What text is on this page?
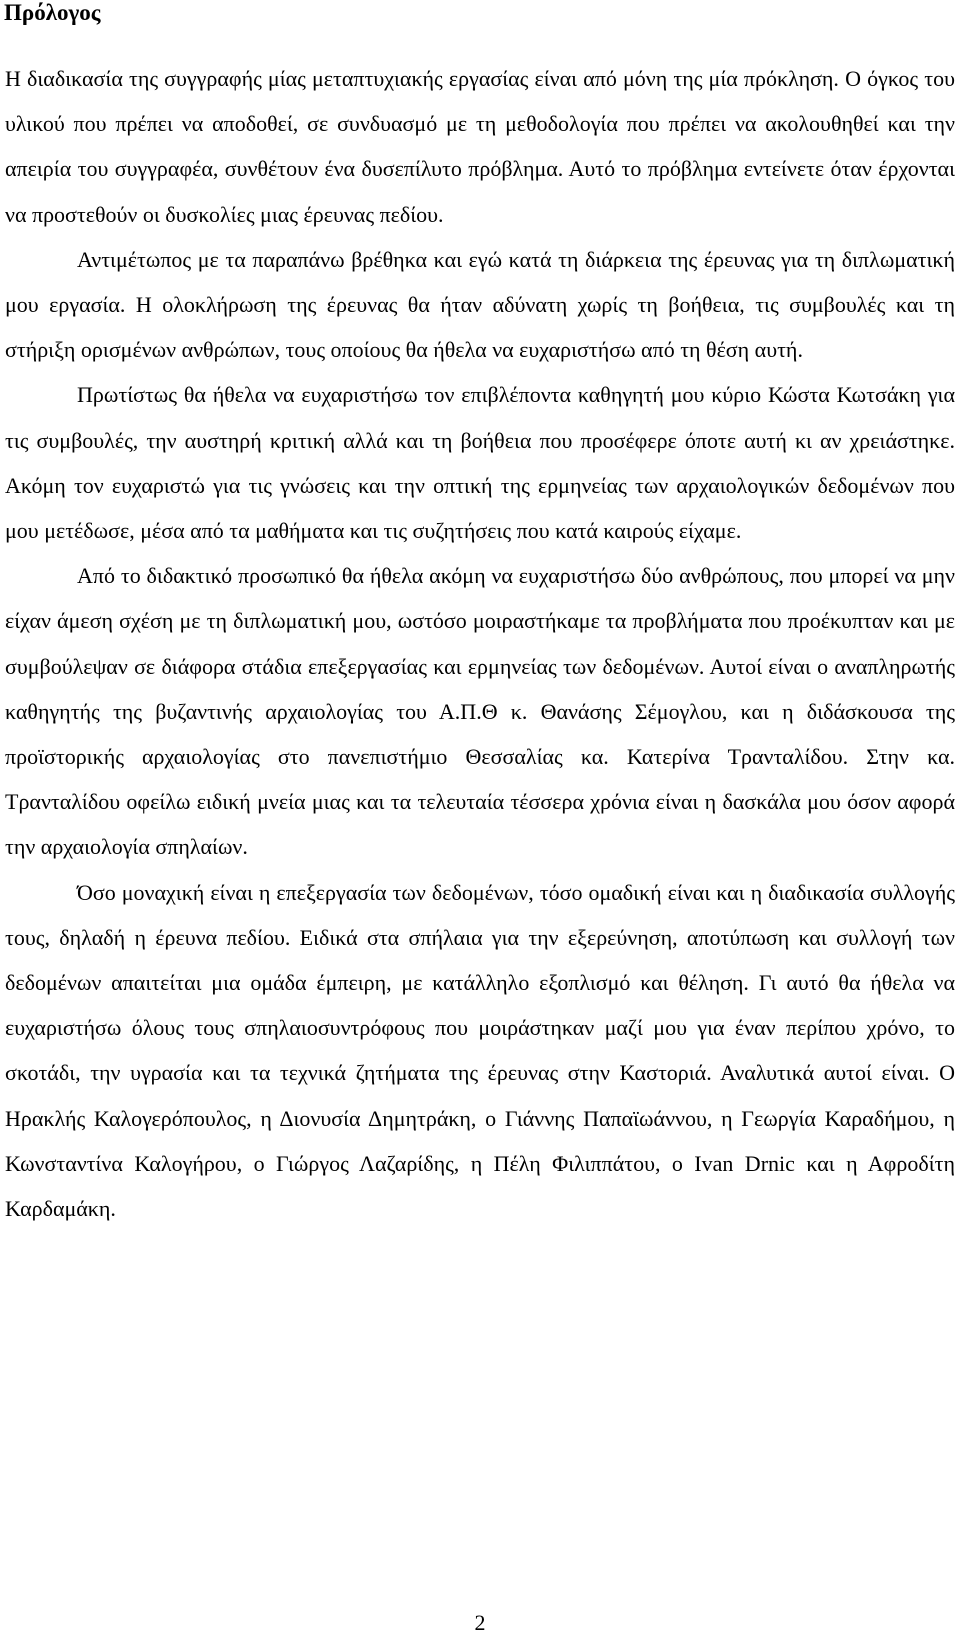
Πρόλογος

Η διαδικασία της συγγραφής μίας μεταπτυχιακής εργασίας είναι από μόνη της μία πρόκληση. Ο όγκος του υλικού που πρέπει να αποδοθεί, σε συνδυασμό με τη μεθοδολογία που πρέπει να ακολουθηθεί και την απειρία του συγγραφέα, συνθέτουν ένα δυσεπίλυτο πρόβλημα. Αυτό το πρόβλημα εντείνετε όταν έρχονται να προστεθούν οι δυσκολίες μιας έρευνας πεδίου.

Αντιμέτωπος με τα παραπάνω βρέθηκα και εγώ κατά τη διάρκεια της έρευνας για τη διπλωματική μου εργασία. Η ολοκλήρωση της έρευνας θα ήταν αδύνατη χωρίς τη βοήθεια, τις συμβουλές και τη στήριξη ορισμένων ανθρώπων, τους οποίους θα ήθελα να ευχαριστήσω από τη θέση αυτή.

Πρωτίστως θα ήθελα να ευχαριστήσω τον επιβλέποντα καθηγητή μου κύριο Κώστα Κωτσάκη για τις συμβουλές, την αυστηρή κριτική αλλά και τη βοήθεια που προσέφερε όποτε αυτή κι αν χρειάστηκε. Ακόμη τον ευχαριστώ για τις γνώσεις και την οπτική της ερμηνείας των αρχαιολογικών δεδομένων που μου μετέδωσε, μέσα από τα μαθήματα και τις συζητήσεις που κατά καιρούς είχαμε.

Από το διδακτικό προσωπικό θα ήθελα ακόμη να ευχαριστήσω δύο ανθρώπους, που μπορεί να μην είχαν άμεση σχέση με τη διπλωματική μου, ωστόσο μοιραστήκαμε τα προβλήματα που προέκυπταν και με συμβούλεψαν σε διάφορα στάδια επεξεργασίας και ερμηνείας των δεδομένων. Αυτοί είναι ο αναπληρωτής καθηγητής της βυζαντινής αρχαιολογίας του Α.Π.Θ κ. Θανάσης Σέμογλου, και η διδάσκουσα της προϊστορικής αρχαιολογίας στο πανεπιστήμιο Θεσσαλίας κα. Κατερίνα Τρανταλίδου. Στην κα. Τρανταλίδου οφείλω ειδική μνεία μιας και τα τελευταία τέσσερα χρόνια είναι η δασκάλα μου όσον αφορά την αρχαιολογία σπηλαίων.

Όσο μοναχική είναι η επεξεργασία των δεδομένων, τόσο ομαδική είναι και η διαδικασία συλλογής τους, δηλαδή η έρευνα πεδίου. Ειδικά στα σπήλαια για την εξερεύνηση, αποτύπωση και συλλογή των δεδομένων απαιτείται μια ομάδα έμπειρη, με κατάλληλο εξοπλισμό και θέληση. Γι αυτό θα ήθελα να ευχαριστήσω όλους τους σπηλαιοσυντρόφους που μοιράστηκαν μαζί μου για έναν περίπου χρόνο, το σκοτάδι, την υγρασία και τα τεχνικά ζητήματα της έρευνας στην Καστοριά. Αναλυτικά αυτοί είναι. Ο Ηρακλής Καλογερόπουλος, η Διονυσία Δημητράκη, ο Γιάννης Παπαϊωάννου, η Γεωργία Καραδήμου, η Κωνσταντίνα Καλογήρου, ο Γιώργος Λαζαρίδης, η Πέλη Φιλιππάτου, ο Ivan Drnic και η Αφροδίτη Καρδαμάκη.

2
